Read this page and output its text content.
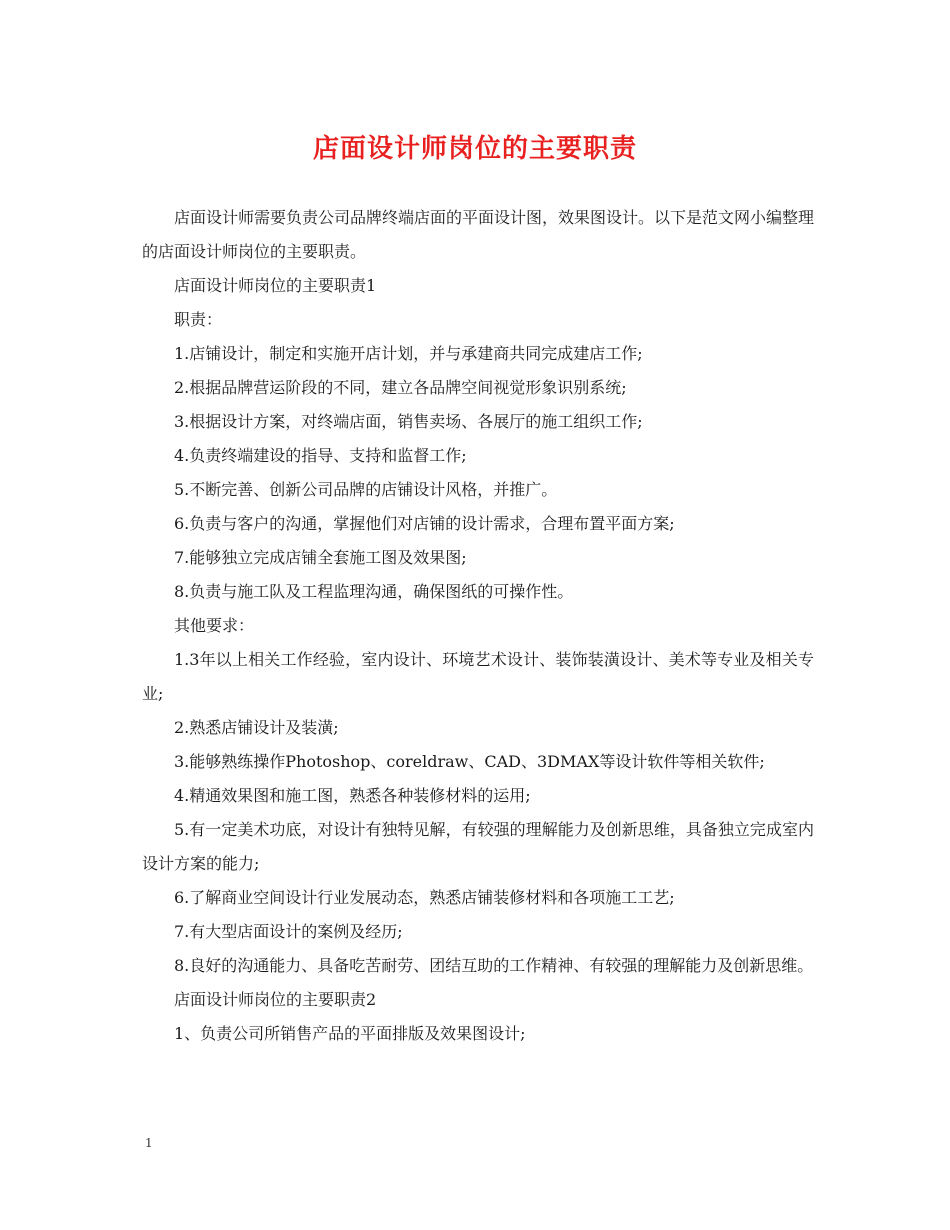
店面设计师岗位的主要职责

店面设计师需要负责公司品牌终端店面的平面设计图，效果图设计。以下是范文网小编整理的店面设计师岗位的主要职责。

店面设计师岗位的主要职责1

职责：

1.店铺设计，制定和实施开店计划，并与承建商共同完成建店工作;

2.根据品牌营运阶段的不同，建立各品牌空间视觉形象识别系统;

3.根据设计方案，对终端店面，销售卖场、各展厅的施工组织工作;

4.负责终端建设的指导、支持和监督工作;

5.不断完善、创新公司品牌的店铺设计风格，并推广。

6.负责与客户的沟通，掌握他们对店铺的设计需求，合理布置平面方案;

7.能够独立完成店铺全套施工图及效果图;

8.负责与施工队及工程监理沟通，确保图纸的可操作性。

其他要求：

1.3年以上相关工作经验，室内设计、环境艺术设计、装饰装潢设计、美术等专业及相关专业;

2.熟悉店铺设计及装潢;

3.能够熟练操作Photoshop、coreldraw、CAD、3DMAX等设计软件等相关软件;

4.精通效果图和施工图，熟悉各种装修材料的运用;

5.有一定美术功底，对设计有独特见解，有较强的理解能力及创新思维，具备独立完成室内设计方案的能力;

6.了解商业空间设计行业发展动态，熟悉店铺装修材料和各项施工工艺;

7.有大型店面设计的案例及经历;

8.良好的沟通能力、具备吃苦耐劳、团结互助的工作精神、有较强的理解能力及创新思维。

店面设计师岗位的主要职责2

1、负责公司所销售产品的平面排版及效果图设计;

1
